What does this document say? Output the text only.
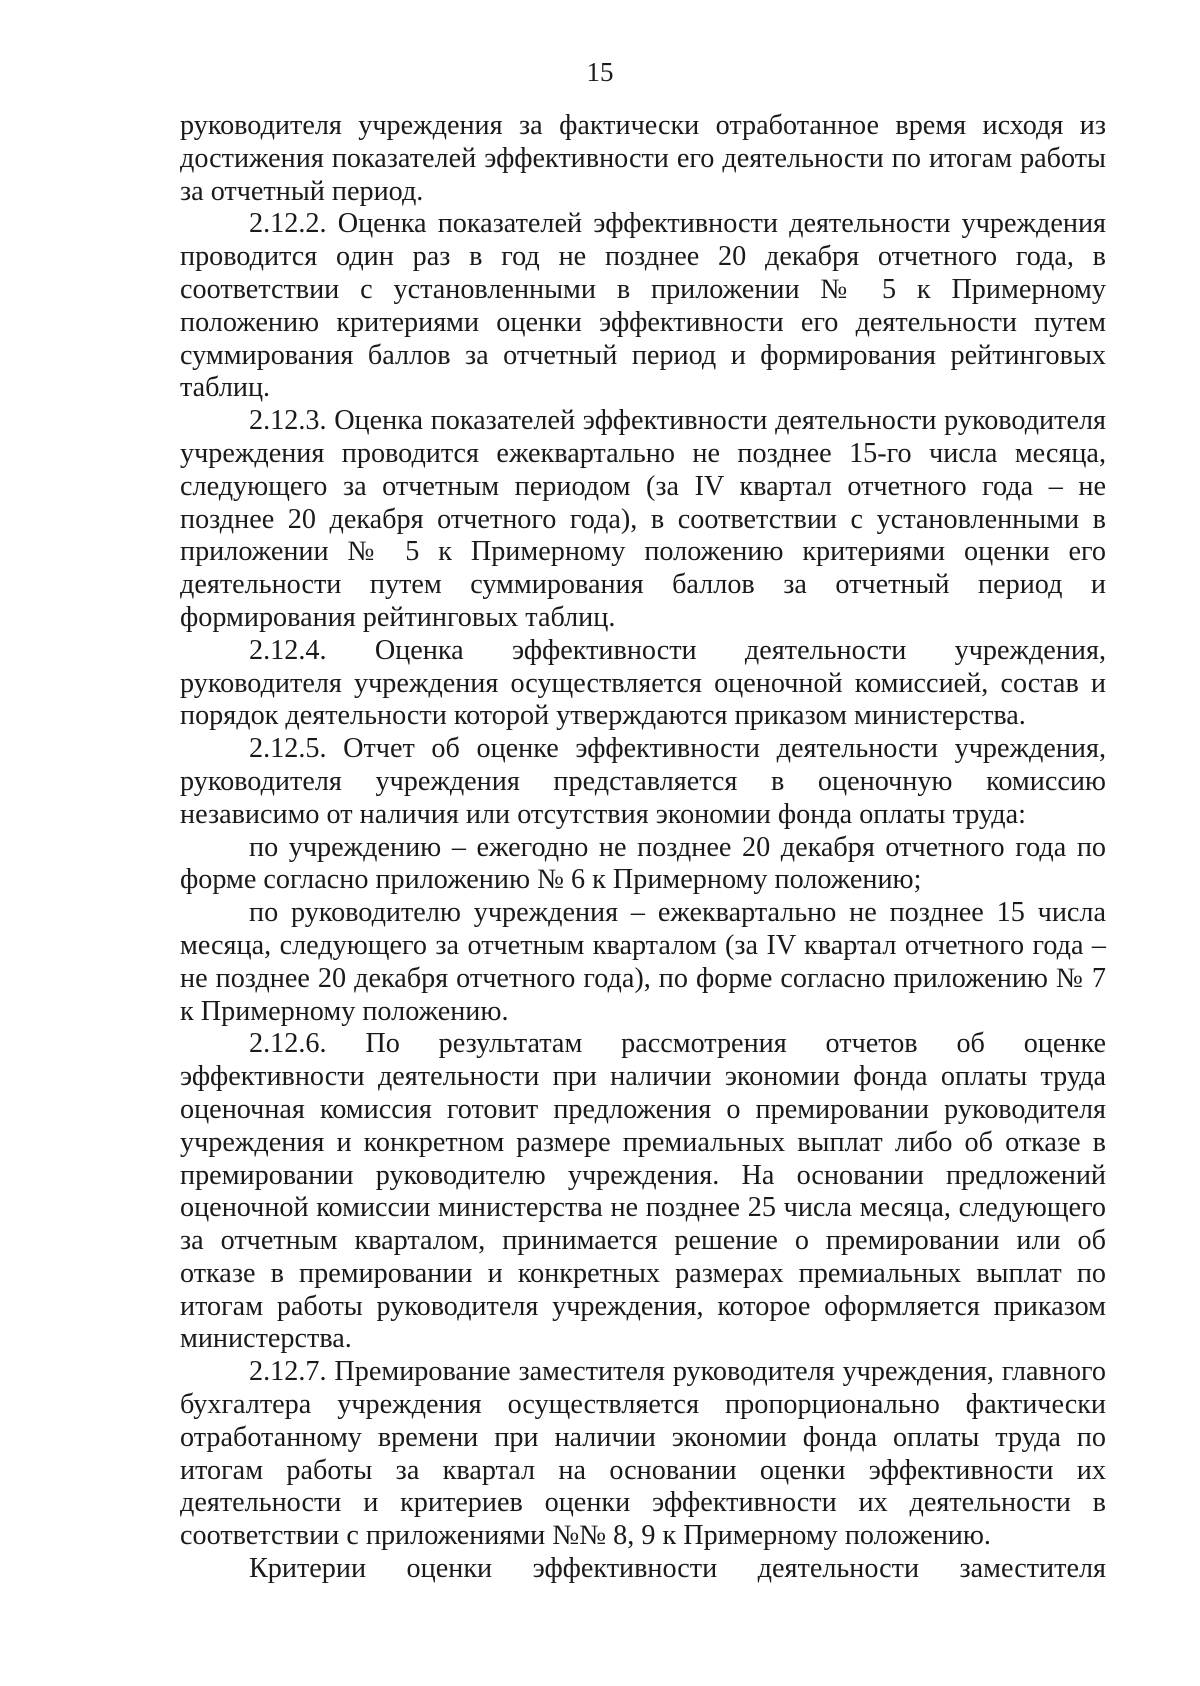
15

руководителя учреждения за фактически отработанное время исходя из достижения показателей эффективности его деятельности по итогам работы за отчетный период.

2.12.2. Оценка показателей эффективности деятельности учреждения проводится один раз в год не позднее 20 декабря отчетного года, в соответствии с установленными в приложении № 5 к Примерному положению критериями оценки эффективности его деятельности путем суммирования баллов за отчетный период и формирования рейтинговых таблиц.

2.12.3. Оценка показателей эффективности деятельности руководителя учреждения проводится ежеквартально не позднее 15-го числа месяца, следующего за отчетным периодом (за IV квартал отчетного года – не позднее 20 декабря отчетного года), в соответствии с установленными в приложении № 5 к Примерному положению критериями оценки его деятельности путем суммирования баллов за отчетный период и формирования рейтинговых таблиц.

2.12.4. Оценка эффективности деятельности учреждения, руководителя учреждения осуществляется оценочной комиссией, состав и порядок деятельности которой утверждаются приказом министерства.

2.12.5. Отчет об оценке эффективности деятельности учреждения, руководителя учреждения представляется в оценочную комиссию независимо от наличия или отсутствия экономии фонда оплаты труда:

по учреждению – ежегодно не позднее 20 декабря отчетного года по форме согласно приложению № 6 к Примерному положению;

по руководителю учреждения – ежеквартально не позднее 15 числа месяца, следующего за отчетным кварталом (за IV квартал отчетного года – не позднее 20 декабря отчетного года), по форме согласно приложению № 7 к Примерному положению.

2.12.6. По результатам рассмотрения отчетов об оценке эффективности деятельности при наличии экономии фонда оплаты труда оценочная комиссия готовит предложения о премировании руководителя учреждения и конкретном размере премиальных выплат либо об отказе в премировании руководителю учреждения. На основании предложений оценочной комиссии министерства не позднее 25 числа месяца, следующего за отчетным кварталом, принимается решение о премировании или об отказе в премировании и конкретных размерах премиальных выплат по итогам работы руководителя учреждения, которое оформляется приказом министерства.

2.12.7. Премирование заместителя руководителя учреждения, главного бухгалтера учреждения осуществляется пропорционально фактически отработанному времени при наличии экономии фонда оплаты труда по итогам работы за квартал на основании оценки эффективности их деятельности и критериев оценки эффективности их деятельности в соответствии с приложениями №№ 8, 9 к Примерному положению.

Критерии оценки эффективности деятельности заместителя
